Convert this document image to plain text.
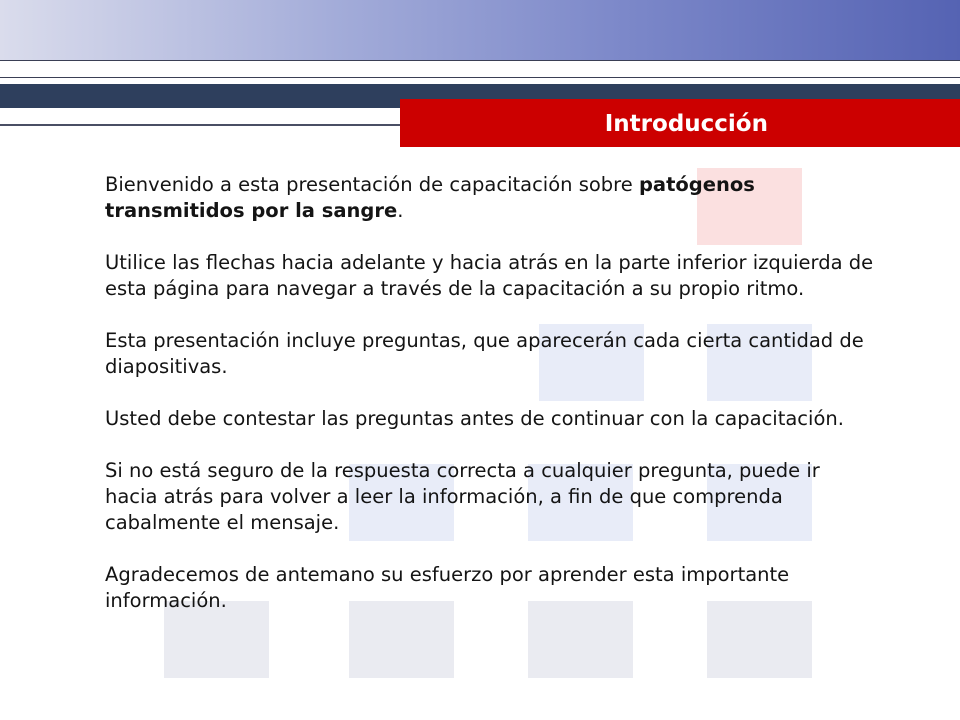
Introducción

Bienvenido a esta presentación de capacitación sobre patógenos transmitidos por la sangre.

Utilice las flechas hacia adelante y hacia atrás en la parte inferior izquierda de esta página para navegar a través de la capacitación a su propio ritmo.

Esta presentación incluye preguntas, que aparecerán cada cierta cantidad de diapositivas.

Usted debe contestar las preguntas antes de continuar con la capacitación.

Si no está seguro de la respuesta correcta a cualquier pregunta, puede ir hacia atrás para volver a leer la información, a fin de que comprenda cabalmente el mensaje.

Agradecemos de antemano su esfuerzo por aprender esta importante información.
